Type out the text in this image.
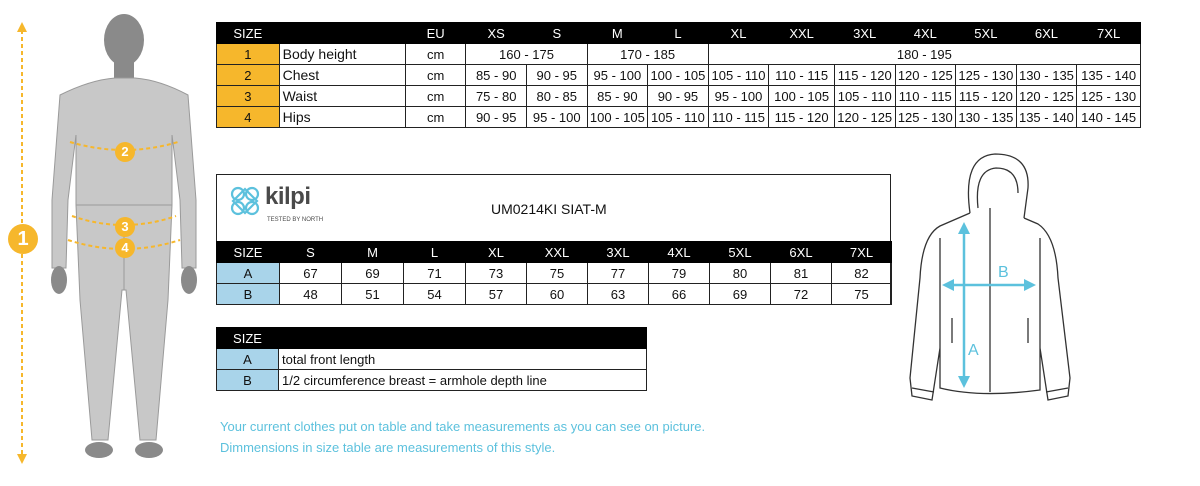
1
2
3
4
SIZE		EU	XS	S	M	L	XL	XXL	3XL	4XL	5XL	6XL	7XL
1	Body height	cm	160 - 175		170 - 185		180 - 195						
2	Chest	cm	85 - 90	90 - 95	95 - 100	100 - 105	105 - 110	110 - 115	115 - 120	120 - 125	125 - 130	130 - 135	135 - 140
3	Waist	cm	75 - 80	80 - 85	85 - 90	90 - 95	95 - 100	100 - 105	105 - 110	110 - 115	115 - 120	120 - 125	125 - 130
4	Hips	cm	90 - 95	95 - 100	100 - 105	105 - 110	110 - 115	115 - 120	120 - 125	125 - 130	130 - 135	135 - 140	140 - 145
kilpi
TESTED BY NORTH
UM0214KI SIAT-M
SIZE	S	M	L	XL	XXL	3XL	4XL	5XL	6XL	7XL
A	67	69	71	73	75	77	79	80	81	82
B	48	51	54	57	60	63	66	69	72	75
SIZE	
A	total front length
B	1/2 circumference breast = armhole depth line
Your current clothes put on table and take measurements as you can see on picture.
Dimmensions in size table are measurements of this style.
A
B
